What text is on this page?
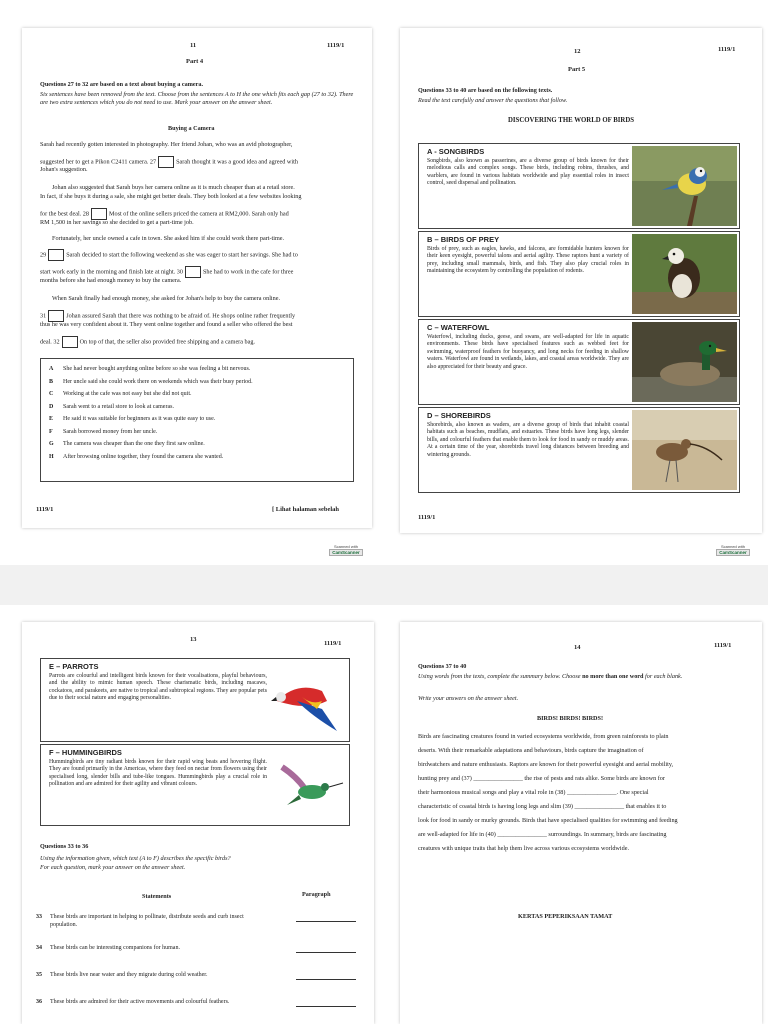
11	1119/1
Part 4
Questions 27 to 32 are based on a text about buying a camera.
Six sentences have been removed from the text. Choose from the sentences A to H the one which fits each gap (27 to 32). There are two extra sentences which you do not need to use. Mark your answer on the answer sheet.
Buying a Camera
Sarah had recently gotten interested in photography. Her friend Johan, who was an avid photographer,
suggested her to get a Pikon C2411 camera. 27	Sarah thought it was a good idea and agreed with
Johan's suggestion.
Johan also suggested that Sarah buys her camera online as it is much cheaper than at a retail store.
In fact, if she buys it during a sale, she might get better deals. They both looked at a few websites looking
for the best deal. 28	Most of the online sellers priced the camera at RM2,000. Sarah only had
RM 1,500 in her savings so she decided to get a part-time job.
Fortunately, her uncle owned a cafe in town. She asked him if she could work there part-time.
29	Sarah decided to start the following weekend as she was eager to start her savings. She had to
start work early in the morning and finish late at night. 30	She had to work in the cafe for three
months before she had enough money to buy the camera.
When Sarah finally had enough money, she asked for Johan's help to buy the camera online.
31	Johan assured Sarah that there was nothing to be afraid of. He shops online rather frequently
thus he was very confident about it. They went online together and found a seller who offered the best
deal. 32	On top of that, the seller also provided free shipping and a camera bag.
A	She had never bought anything online before so she was feeling a bit nervous.
B	Her uncle said she could work there on weekends which was their busy period.
C	Working at the cafe was not easy but she did not quit.
D	Sarah went to a retail store to look at cameras.
E	He said it was suitable for beginners as it was quite easy to use.
F	Sarah borrowed money from her uncle.
G	The camera was cheaper than the one they first saw online.
H	After browsing online together, they found the camera she wanted.
1119/1	[ Lihat halaman sebelah
Scanned with
CamScanner
12	1119/1
Part 5
Questions 33 to 40 are based on the following texts.
Read the text carefully and answer the questions that follow.
DISCOVERING THE WORLD OF BIRDS
A - SONGBIRDS
Songbirds, also known as passerines, are a diverse group of birds known for their melodious calls and complex songs. These birds, including robins, thrushes, and warblers, are found in various habitats worldwide and play essential roles in insect control, seed dispersal and pollination.
B – BIRDS OF PREY
Birds of prey, such as eagles, hawks, and falcons, are formidable hunters known for their keen eyesight, powerful talons and aerial agility. These raptors hunt a variety of prey, including small mammals, birds, and fish. They also play crucial roles in maintaining the ecosystem by controlling the population of rodents.
C – WATERFOWL
Waterfowl, including ducks, geese, and swans, are well-adapted for life in aquatic environments. These birds have specialised features such as webbed feet for swimming, waterproof feathers for buoyancy, and long necks for feeding in shallow waters. Waterfowl are found in wetlands, lakes, and coastal areas worldwide. They are also appreciated for their beauty and grace.
D – SHOREBIRDS
Shorebirds, also known as waders, are a diverse group of birds that inhabit coastal habitats such as beaches, mudflats, and estuaries. These birds have long legs, slender bills, and colourful feathers that enable them to look for food in sandy or muddy areas. At a certain time of the year, shorebirds travel long distances between breeding and wintering grounds.
1119/1
Scanned with
CamScanner
13
1119/1
E – PARROTS
Parrots are colourful and intelligent birds known for their vocalisations, playful behaviours, and the ability to mimic human speech. These charismatic birds, including macaws, cockatoos, and parakeets, are native to tropical and subtropical regions. They are popular pets due to their social nature and engaging personalities.
F – HUMMINGBIRDS
Hummingbirds are tiny radiant birds known for their rapid wing beats and hovering flight. They are found primarily in the Americas, where they feed on nectar from flowers using their specialised long, slender bills and tube-like tongues. Hummingbirds play a crucial role in pollination and are admired for their agility and vibrant colours.
Questions 33 to 36
Using the information given, which text (A to F) describes the specific birds?
For each question, mark your answer on the answer sheet.
Statements	Paragraph
33	These birds are important in helping to pollinate, distribute seeds and curb insect population.
34	These birds can be interesting companions for human.
35	These birds live near water and they migrate during cold weather.
36	These birds are admired for their active movements and colourful feathers.
14	1119/1
Questions 37 to 40
Using words from the texts, complete the summary below. Choose no more than one word for each blank.
Write your answers on the answer sheet.
BIRDS! BIRDS! BIRDS!
Birds are fascinating creatures found in varied ecosystems worldwide, from green rainforests to plain
deserts. With their remarkable adaptations and behaviours, birds capture the imagination of
birdwatchers and nature enthusiasts. Raptors are known for their powerful eyesight and aerial mobility,
hunting prey and (37) ________________ the rise of pests and rats alike. Some birds are known for
their harmonious musical songs and play a vital role in (38) ________________. One special
characteristic of coastal birds is having long legs and slim (39) ________________ that enables it to
look for food in sandy or murky grounds. Birds that have specialised qualities for swimming and feeding
are well-adapted for life in (40) ________________ surroundings. In summary, birds are fascinating
creatures with unique traits that help them live across various ecosystems worldwide.
KERTAS PEPERIKSAAN TAMAT
